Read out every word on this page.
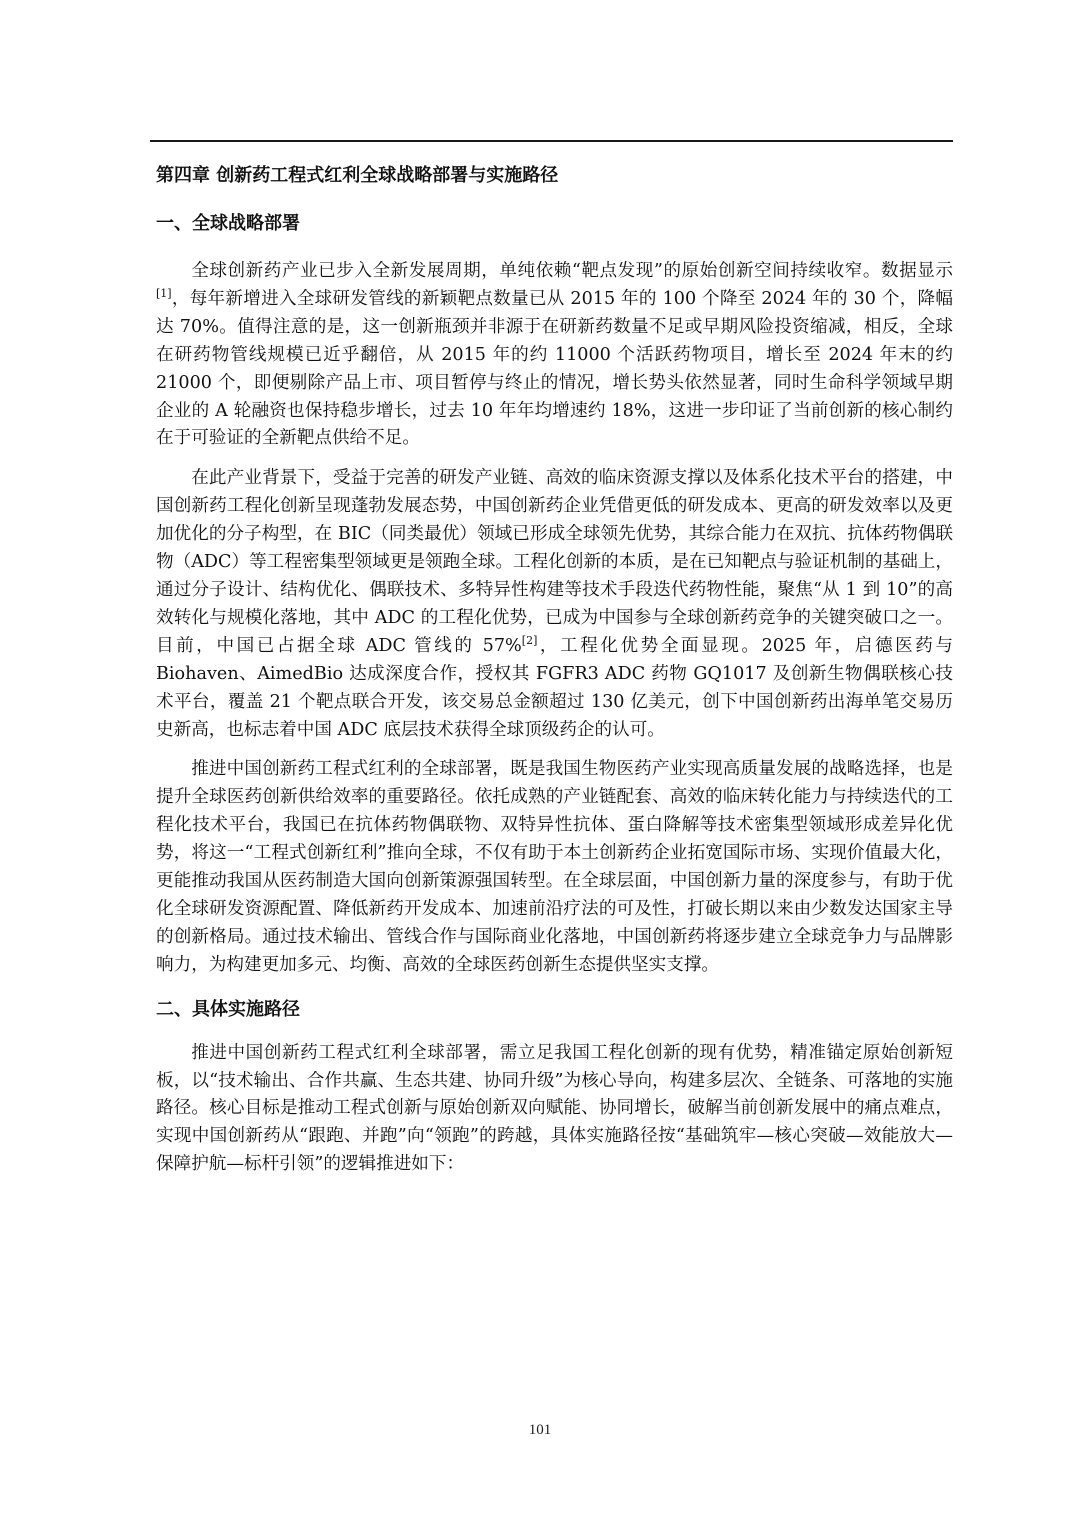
第四章 创新药工程式红利全球战略部署与实施路径
一、全球战略部署

全球创新药产业已步入全新发展周期，单纯依赖“靶点发现”的原始创新空间持续收窄。数据显示[1]，每年新增进入全球研发管线的新颖靶点数量已从 2015 年的 100 个降至 2024 年的 30 个，降幅达 70%。值得注意的是，这一创新瓶颈并非源于在研新药数量不足或早期风险投资缩减，相反，全球在研药物管线规模已近乎翻倍，从 2015 年的约 11000 个活跃药物项目，增长至 2024 年末的约 21000 个，即便剔除产品上市、项目暂停与终止的情况，增长势头依然显著，同时生命科学领域早期企业的 A 轮融资也保持稳步增长，过去 10 年年均增速约 18%，这进一步印证了当前创新的核心制约在于可验证的全新靶点供给不足。

在此产业背景下，受益于完善的研发产业链、高效的临床资源支撑以及体系化技术平台的搭建，中国创新药工程化创新呈现蓬勃发展态势，中国创新药企业凭借更低的研发成本、更高的研发效率以及更加优化的分子构型，在 BIC（同类最优）领域已形成全球领先优势，其综合能力在双抗、抗体药物偶联物（ADC）等工程密集型领域更是领跑全球。工程化创新的本质，是在已知靶点与验证机制的基础上，通过分子设计、结构优化、偶联技术、多特异性构建等技术手段迭代药物性能，聚焦“从 1 到 10”的高效转化与规模化落地，其中 ADC 的工程化优势，已成为中国参与全球创新药竞争的关键突破口之一。目前，中国已占据全球 ADC 管线的 57%[2]，工程化优势全面显现。2025 年，启德医药与 Biohaven、AimedBio 达成深度合作，授权其 FGFR3 ADC 药物 GQ1017 及创新生物偶联核心技术平台，覆盖 21 个靶点联合开发，该交易总金额超过 130 亿美元，创下中国创新药出海单笔交易历史新高，也标志着中国 ADC 底层技术获得全球顶级药企的认可。

推进中国创新药工程式红利的全球部署，既是我国生物医药产业实现高质量发展的战略选择，也是提升全球医药创新供给效率的重要路径。依托成熟的产业链配套、高效的临床转化能力与持续迭代的工程化技术平台，我国已在抗体药物偶联物、双特异性抗体、蛋白降解等技术密集型领域形成差异化优势，将这一“工程式创新红利”推向全球，不仅有助于本土创新药企业拓宽国际市场、实现价值最大化，更能推动我国从医药制造大国向创新策源强国转型。在全球层面，中国创新力量的深度参与，有助于优化全球研发资源配置、降低新药开发成本、加速前沿疗法的可及性，打破长期以来由少数发达国家主导的创新格局。通过技术输出、管线合作与国际商业化落地，中国创新药将逐步建立全球竞争力与品牌影响力，为构建更加多元、均衡、高效的全球医药创新生态提供坚实支撑。

二、具体实施路径

推进中国创新药工程式红利全球部署，需立足我国工程化创新的现有优势，精准锚定原始创新短板，以“技术输出、合作共赢、生态共建、协同升级”为核心导向，构建多层次、全链条、可落地的实施路径。核心目标是推动工程式创新与原始创新双向赋能、协同增长，破解当前创新发展中的痛点难点，实现中国创新药从“跟跑、并跑”向“领跑”的跨越，具体实施路径按“基础筑牢—核心突破—效能放大—保障护航—标杆引领”的逻辑推进如下：

101
